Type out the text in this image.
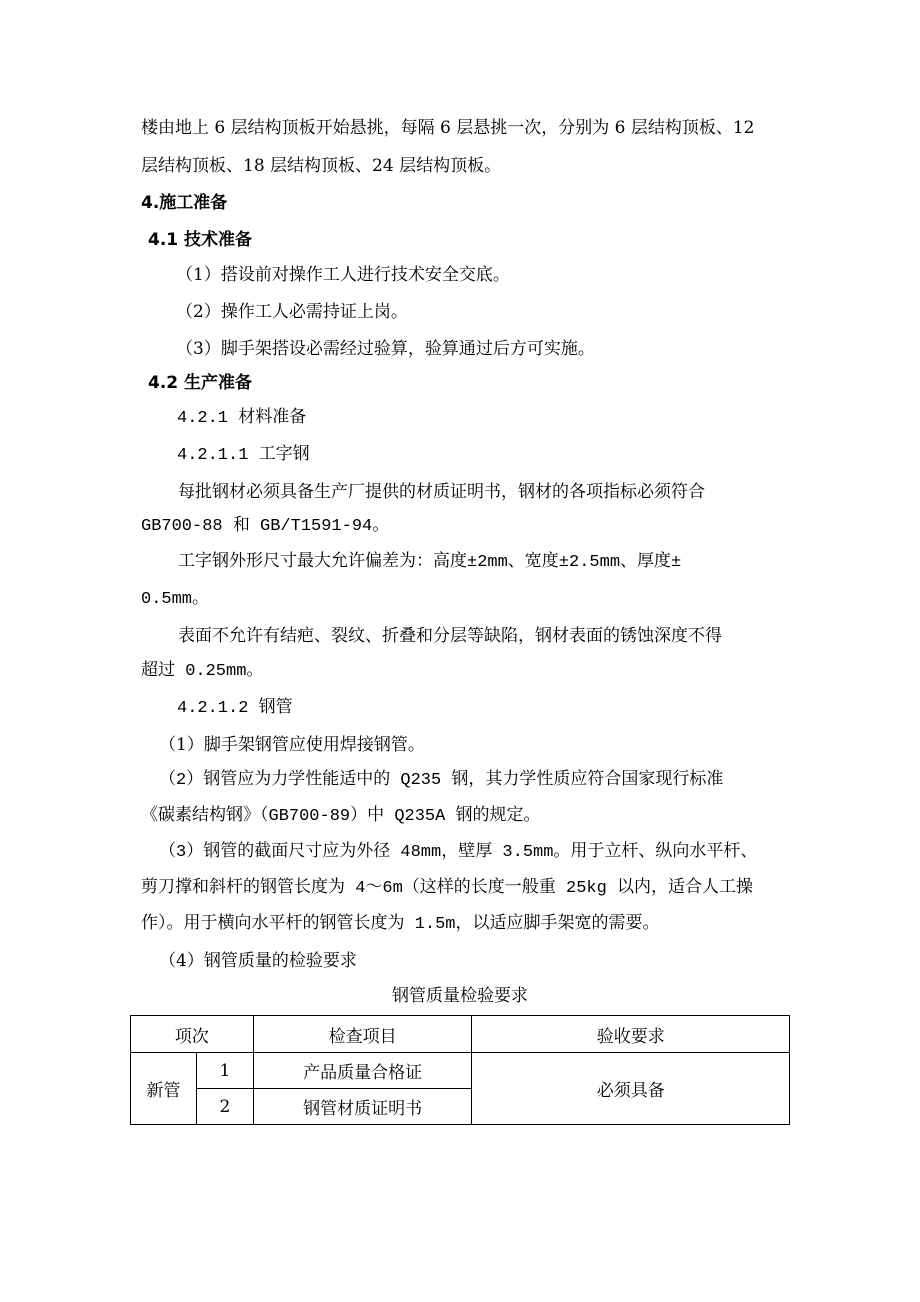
楼由地上 6 层结构顶板开始悬挑，每隔 6 层悬挑一次，分别为 6 层结构顶板、12
层结构顶板、18 层结构顶板、24 层结构顶板。
4.施工准备
4.1 技术准备
（1）搭设前对操作工人进行技术安全交底。
（2）操作工人必需持证上岗。
（3）脚手架搭设必需经过验算，验算通过后方可实施。
4.2 生产准备
4.2.1 材料准备
4.2.1.1 工字钢
每批钢材必须具备生产厂提供的材质证明书，钢材的各项指标必须符合
GB700-88 和 GB/T1591-94。
工字钢外形尺寸最大允许偏差为：高度±2mm、宽度±2.5mm、厚度±
0.5mm。
表面不允许有结疤、裂纹、折叠和分层等缺陷，钢材表面的锈蚀深度不得
超过 0.25mm。
4.2.1.2 钢管
（1）脚手架钢管应使用焊接钢管。
（2）钢管应为力学性能适中的 Q235 钢，其力学性质应符合国家现行标准
《碳素结构钢》（GB700-89）中 Q235A 钢的规定。
（3）钢管的截面尺寸应为外径 48mm，壁厚 3.5mm。用于立杆、纵向水平杆、
剪刀撑和斜杆的钢管长度为 4～6m（这样的长度一般重 25kg 以内，适合人工操
作）。用于横向水平杆的钢管长度为 1.5m，以适应脚手架宽的需要。
（4）钢管质量的检验要求
钢管质量检验要求
项次		检查项目	验收要求
新管	1	产品质量合格证	必须具备
	2	钢管材质证明书	
